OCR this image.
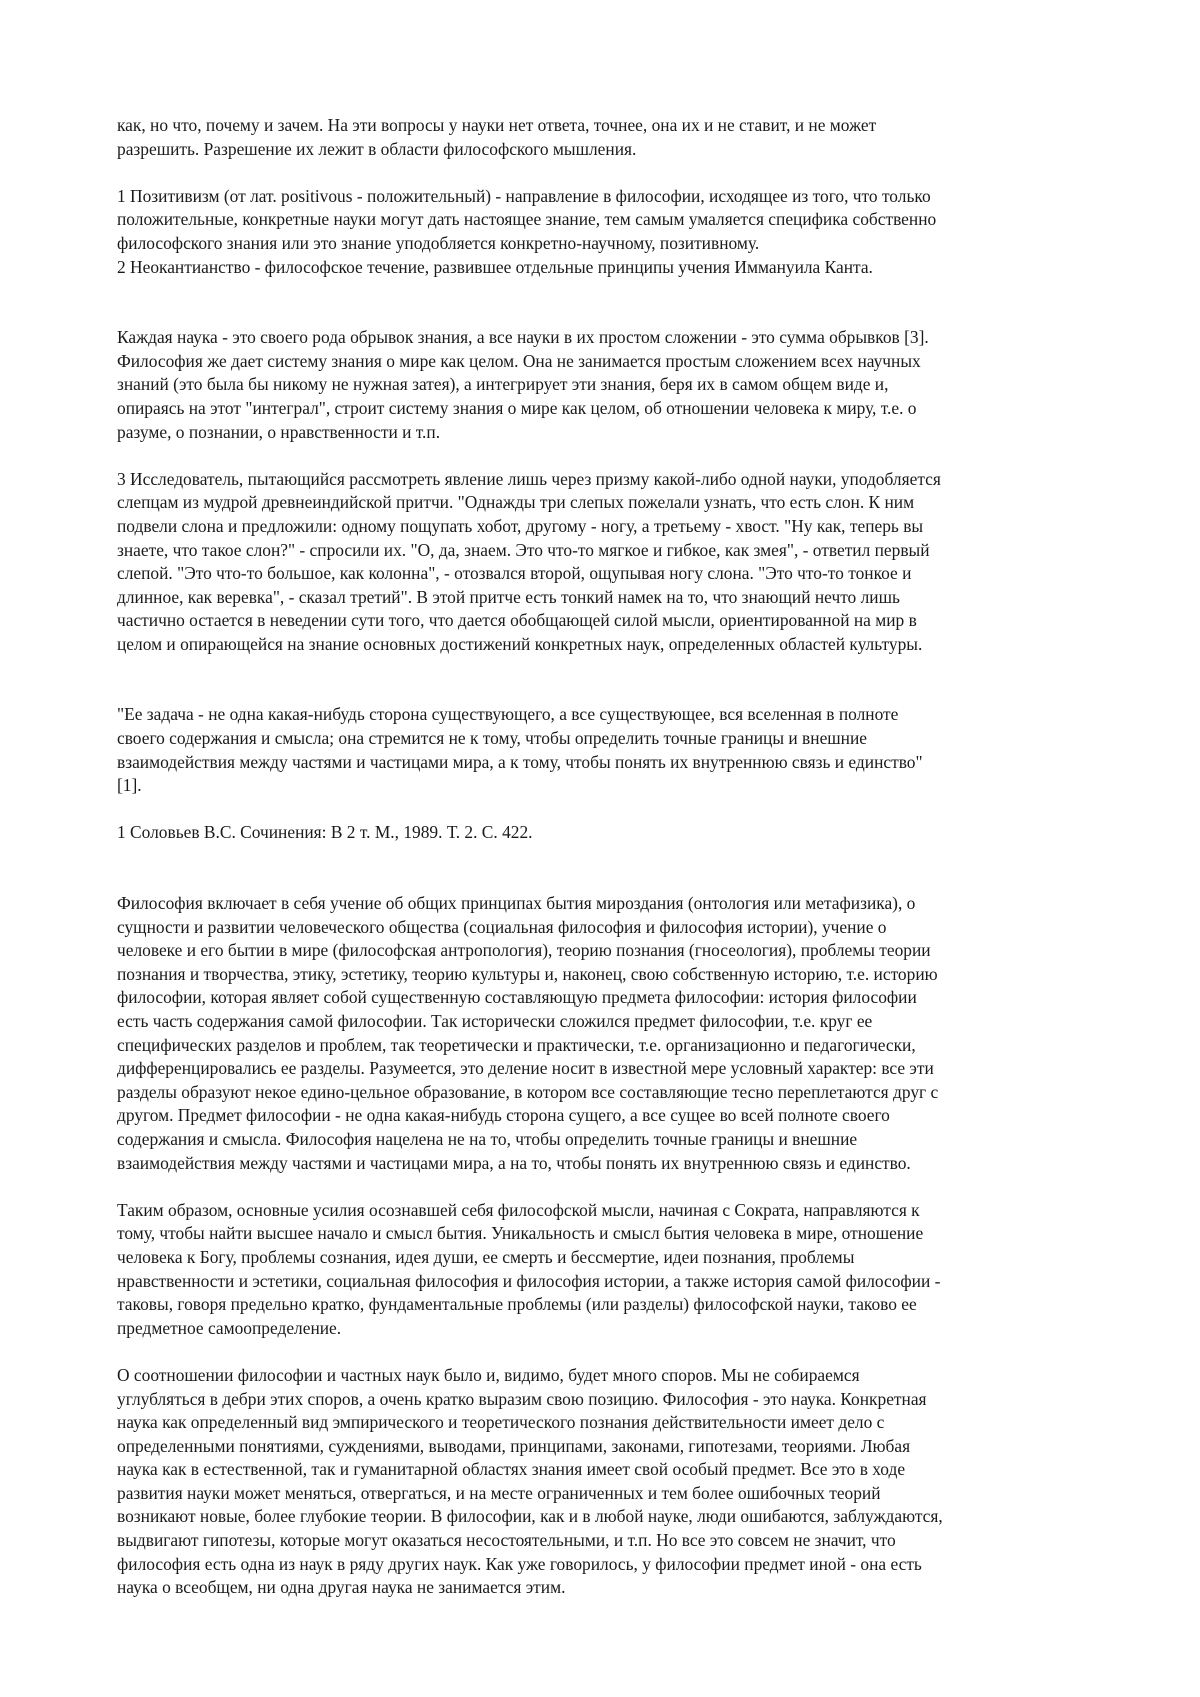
как, но что, почему и зачем. На эти вопросы у науки нет ответа, точнее, она их и не ставит, и не может
разрешить. Разрешение их лежит в области философского мышления.

1 Позитивизм (от лат. positivous - положительный) - направление в философии, исходящее из того, что только
положительные, конкретные науки могут дать настоящее знание, тем самым умаляется специфика собственно
философского знания или это знание уподобляется конкретно-научному, позитивному.
2 Неокантианство - философское течение, развившее отдельные принципы учения Иммануила Канта.

Каждая наука - это своего рода обрывок знания, а все науки в их простом сложении - это сумма обрывков [3].
Философия же дает систему знания о мире как целом. Она не занимается простым сложением всех научных
знаний (это была бы никому не нужная затея), а интегрирует эти знания, беря их в самом общем виде и,
опираясь на этот "интеграл", строит систему знания о мире как целом, об отношении человека к миру, т.е. о
разуме, о познании, о нравственности и т.п.

3 Исследователь, пытающийся рассмотреть явление лишь через призму какой-либо одной науки, уподобляется
слепцам из мудрой древнеиндийской притчи. "Однажды три слепых пожелали узнать, что есть слон. К ним
подвели слона и предложили: одному пощупать хобот, другому - ногу, а третьему - хвост. "Ну как, теперь вы
знаете, что такое слон?" - спросили их. "О, да, знаем. Это что-то мягкое и гибкое, как змея", - ответил первый
слепой. "Это что-то большое, как колонна", - отозвался второй, ощупывая ногу слона. "Это что-то тонкое и
длинное, как веревка", - сказал третий". В этой притче есть тонкий намек на то, что знающий нечто лишь
частично остается в неведении сути того, что дается обобщающей силой мысли, ориентированной на мир в
целом и опирающейся на знание основных достижений конкретных наук, определенных областей культуры.

"Ее задача - не одна какая-нибудь сторона существующего, а все существующее, вся вселенная в полноте
своего содержания и смысла; она стремится не к тому, чтобы определить точные границы и внешние
взаимодействия между частями и частицами мира, а к тому, чтобы понять их внутреннюю связь и единство"
[1].

1 Соловьев В.С. Сочинения: В 2 т. М., 1989. Т. 2. С. 422.

Философия включает в себя учение об общих принципах бытия мироздания (онтология или метафизика), о
сущности и развитии человеческого общества (социальная философия и философия истории), учение о
человеке и его бытии в мире (философская антропология), теорию познания (гносеология), проблемы теории
познания и творчества, этику, эстетику, теорию культуры и, наконец, свою собственную историю, т.е. историю
философии, которая являет собой существенную составляющую предмета философии: история философии
есть часть содержания самой философии. Так исторически сложился предмет философии, т.е. круг ее
специфических разделов и проблем, так теоретически и практически, т.е. организационно и педагогически,
дифференцировались ее разделы. Разумеется, это деление носит в известной мере условный характер: все эти
разделы образуют некое едино-цельное образование, в котором все составляющие тесно переплетаются друг с
другом. Предмет философии - не одна какая-нибудь сторона сущего, а все сущее во всей полноте своего
содержания и смысла. Философия нацелена не на то, чтобы определить точные границы и внешние
взаимодействия между частями и частицами мира, а на то, чтобы понять их внутреннюю связь и единство.

Таким образом, основные усилия осознавшей себя философской мысли, начиная с Сократа, направляются к
тому, чтобы найти высшее начало и смысл бытия. Уникальность и смысл бытия человека в мире, отношение
человека к Богу, проблемы сознания, идея души, ее смерть и бессмертие, идеи познания, проблемы
нравственности и эстетики, социальная философия и философия истории, а также история самой философии -
таковы, говоря предельно кратко, фундаментальные проблемы (или разделы) философской науки, таково ее
предметное самоопределение.

О соотношении философии и частных наук было и, видимо, будет много споров. Мы не собираемся
углубляться в дебри этих споров, а очень кратко выразим свою позицию. Философия - это наука. Конкретная
наука как определенный вид эмпирического и теоретического познания действительности имеет дело с
определенными понятиями, суждениями, выводами, принципами, законами, гипотезами, теориями. Любая
наука как в естественной, так и гуманитарной областях знания имеет свой особый предмет. Все это в ходе
развития науки может меняться, отвергаться, и на месте ограниченных и тем более ошибочных теорий
возникают новые, более глубокие теории. В философии, как и в любой науке, люди ошибаются, заблуждаются,
выдвигают гипотезы, которые могут оказаться несостоятельными, и т.п. Но все это совсем не значит, что
философия есть одна из наук в ряду других наук. Как уже говорилось, у философии предмет иной - она есть
наука о всеобщем, ни одна другая наука не занимается этим.
